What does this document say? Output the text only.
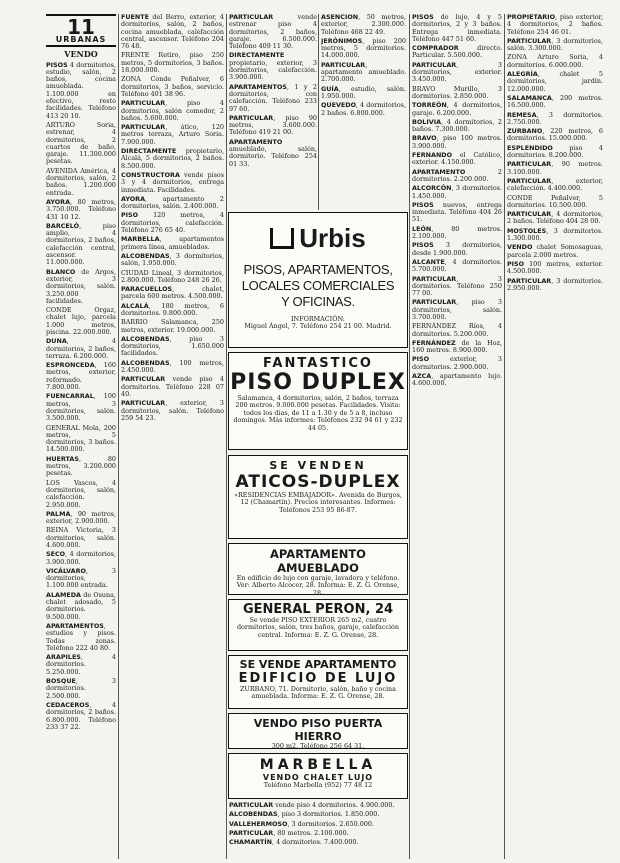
11
URBANAS
VENDO

PISOS 4 dormitorios, estudio, salón, 2 baños, cocina amueblada. 1.100.000 en efectivo, resto facilidades. Teléfono 413 20 10.

ARTURO Soria, estrenar, 4 dormitorios, 2 cuartos de baño, garaje. 11.300.000 pesetas.

AVENIDA América, 4 dormitorios, salón, 2 baños. 1.200.000 entrada.

AYORA, 80 metros, 3.750.000. Teléfono 431 10 12.

BARCELÓ, piso amplio, 4 dormitorios, 2 baños, calefacción central, ascensor. 11.000.000.

BLANCO de Argos, exterior, 3 dormitorios, salón. 3.250.000 facilidades.

CONDE Orgaz, chalet lujo, parcela 1.000 metros, piscina. 22.000.000.

DUNA, 4 dormitorios, 2 baños, terraza. 6.200.000.

ESPRONCEDA, 160 metros, exterior, reformado. 7.800.000.

FUENCARRAL, 100 metros, 3 dormitorios, salón. 3.500.000.

GENERAL Mola, 200 metros, 5 dormitorios, 3 baños. 14.500.000.

HUERTAS, 80 metros, 3.200.000 pesetas.

LOS Vascos, 4 dormitorios, salón, calefacción. 2.950.000.

PALMA, 90 metros, exterior, 2.900.000.

REINA Victoria, 3 dormitorios, salón. 4.600.000.

SECO, 4 dormitorios, 3.900.000.

VICÁLVARO, 3 dormitorios, 1.100.000 entrada.

ALAMEDA de Osuna, chalet adosado, 5 dormitorios. 9.500.000.

APARTAMENTOS, estudios y pisos. Todas zonas. Teléfono 222 40 80.

ARAPILES, 4 dormitorios. 5.250.000.

BOSQUE, 3 dormitorios. 2.500.000.

CEDACEROS, 4 dormitorios, 2 baños. 6.800.000. Teléfono 233 37 22.

FUENTE del Berro, exterior, 4 dormitorios, salón, 2 baños, cocina amueblada, calefacción central, ascensor. Teléfono 204 76 48.

FRENTE Retiro, piso 250 metros, 5 dormitorios, 3 baños. 18.000.000.

ZONA Conde Peñalver, 6 dormitorios, 3 baños, servicio. Teléfono 401 38 96.

PARTICULAR, piso 4 dormitorios, salón comedor, 2 baños. 5.600.000.

PARTICULAR, ático, 120 metros terraza, Arturo Soria. 7.900.000.

DIRECTAMENTE propietario, Alcalá, 5 dormitorios, 2 baños. 8.500.000.

CONSTRUCTORA vende pisos 3 y 4 dormitorios, entrega inmediata. Facilidades.

AYORA, apartamento 2 dormitorios, salón. 2.400.000.

PISO 120 metros, 4 dormitorios, calefacción. Teléfono 276 65 40.

MARBELLA, apartamentos primera línea, amueblados.

ALCOBENDAS, 3 dormitorios, salón, 1.950.000.

CIUDAD Lineal, 3 dormitorios, 2.800.000. Teléfono 248 26 26.

PARACUELLOS, chalet, parcela 600 metros. 4.500.000.

ALCALÁ, 180 metros, 6 dormitorios. 9.800.000.

BARRIO Salamanca, 250 metros, exterior. 19.000.000.

ALCOBENDAS, piso 3 dormitorios, 1.650.000 facilidades.

ALCOBENDAS, 100 metros, 2.450.000.

PARTICULAR vende piso 4 dormitorios. Teléfono 228 07 40.

PARTICULAR, exterior, 3 dormitorios, salón. Teléfono 259 54 23.

PARTICULAR vende estrenar piso 4 dormitorios, 2 baños, garaje. 6.500.000. Teléfono 409 11 30.

DIRECTAMENTE propietario, exterior, 3 dormitorios, calefacción. 3.900.000.

APARTAMENTOS, 1 y 2 dormitorios, con calefacción. Teléfono 233 97 60.

PARTICULAR, piso 90 metros, 3.600.000. Teléfono 419 21 00.

APARTAMENTO amueblado, salón, dormitorio. Teléfono 254 01 33.

ASENCIÓN, 50 metros, exterior, 2.300.000. Teléfono 468 22 49.

JERÓNIMOS, piso 200 metros, 5 dormitorios. 14.000.000.

PARTICULAR, apartamento amueblado. 2.700.000.

GUÍA, estudio, salón. 1.950.000.

QUEVEDO, 4 dormitorios, 2 baños. 6.800.000.

Urbis
PISOS, APARTAMENTOS,
LOCALES COMERCIALES
Y OFICINAS.
INFORMACIÓN:
Miguel Ángel, 7. Teléfono 254 21 00. Madrid.
FANTASTICO
PISO DUPLEX
Salamanca, 4 dormitorios, salón, 2 baños, terraza 200 metros. 9.000.000 pesetas. Facilidades. Visita: todos los días, de 11 a 1.30 y de 5 a 8, incluso domingos. Más informes: Teléfonos 232 94 61 y 232 44 05.
SE VENDEN
ATICOS-DUPLEX
«RESIDENCIAS EMBAJADOR». Avenida de Burgos, 12 (Chamartín). Precios interesantes. Informes: Teléfonos 253 95 86-87.
APARTAMENTO AMUEBLADO
En edificio de lujo con garaje, lavadora y teléfono. Ver: Alberto Alcocer, 28. Informa: E. Z. G. Orense, 28.
GENERAL PERON, 24
Se vende PISO EXTERIOR 265 m2, cuatro dormitorios, salón, tres baños, garaje, calefacción central. Informa: E. Z. G. Orense, 28.
SE VENDE APARTAMENTO
EDIFICIO DE LUJO
ZURBANO, 71. Dormitorio, salón, baño y cocina amueblada. Informa: E. Z. G. Orense, 28.
VENDO PISO PUERTA HIERRO
300 m2. Teléfono 256 64 31.
MARBELLA
VENDO CHALET LUJO
Teléfono Marbella (952) 77 48 12

PARTICULAR vende piso 4 dormitorios. 4.900.000.

ALCOBENDAS, piso 3 dormitorios. 1.850.000.

VALLEHERMOSO, 3 dormitorios. 2.650.000.

PARTICULAR, 80 metros. 2.100.000.

CHAMARTÍN, 4 dormitorios. 7.400.000.

PISOS de lujo, 4 y 5 dormitorios, 2 y 3 baños. Entrega inmediata. Teléfono 447 51 60.

COMPRADOR directo. Particular. 5.500.000.

PARTICULAR, 3 dormitorios, exterior. 3.450.000.

BRAVO Murillo, 3 dormitorios. 2.850.000.

TORREÓN, 4 dormitorios, garaje. 6.200.000.

BOLIVIA, 4 dormitorios, 2 baños. 7.300.000.

BRAVO, piso 100 metros. 3.900.000.

FERNANDO el Católico, exterior. 4.150.000.

APARTAMENTO 2 dormitorios. 2.200.000.

ALCORCÓN, 3 dormitorios. 1.450.000.

PISOS nuevos, entrega inmediata. Teléfono 404 26 51.

LEÓN, 80 metros. 2.100.000.

PISOS 3 dormitorios, desde 1.900.000.

ALCANTE, 4 dormitorios. 5.700.000.

PARTICULAR, 3 dormitorios. Teléfono 250 77 00.

PARTICULAR, piso 3 dormitorios, salón. 3.700.000.

FERNÁNDEZ Ríos, 4 dormitorios. 5.200.000.

FERNÁNDEZ de la Hoz, 160 metros. 8.900.000.

PISO exterior, 3 dormitorios. 2.900.000.

AZCA, apartamento lujo. 4.600.000.

PROPIETARIO, piso exterior, 4 dormitorios, 2 baños. Teléfono 254 46 01.

PARTICULAR, 3 dormitorios, salón. 3.300.000.

ZONA Arturo Soria, 4 dormitorios. 6.000.000.

ALEGRÍA, chalet 5 dormitorios, jardín. 12.000.000.

SALAMANCA, 200 metros. 16.500.000.

REMESA, 3 dormitorios. 2.750.000.

ZURBANO, 220 metros, 6 dormitorios. 15.000.000.

ESPLENDIDO piso 4 dormitorios. 8.200.000.

PARTICULAR, 90 metros. 3.100.000.

PARTICULAR, exterior, calefacción. 4.400.000.

CONDE Peñalver, 5 dormitorios. 10.500.000.

PARTICULAR, 4 dormitorios, 2 baños. Teléfono 404 28 00.

MOSTOLES, 3 dormitorios. 1.300.000.

VENDO chalet Somosaguas, parcela 2.000 metros.

PISO 100 metros, exterior. 4.500.000.

PARTICULAR, 3 dormitorios. 2.950.000.
